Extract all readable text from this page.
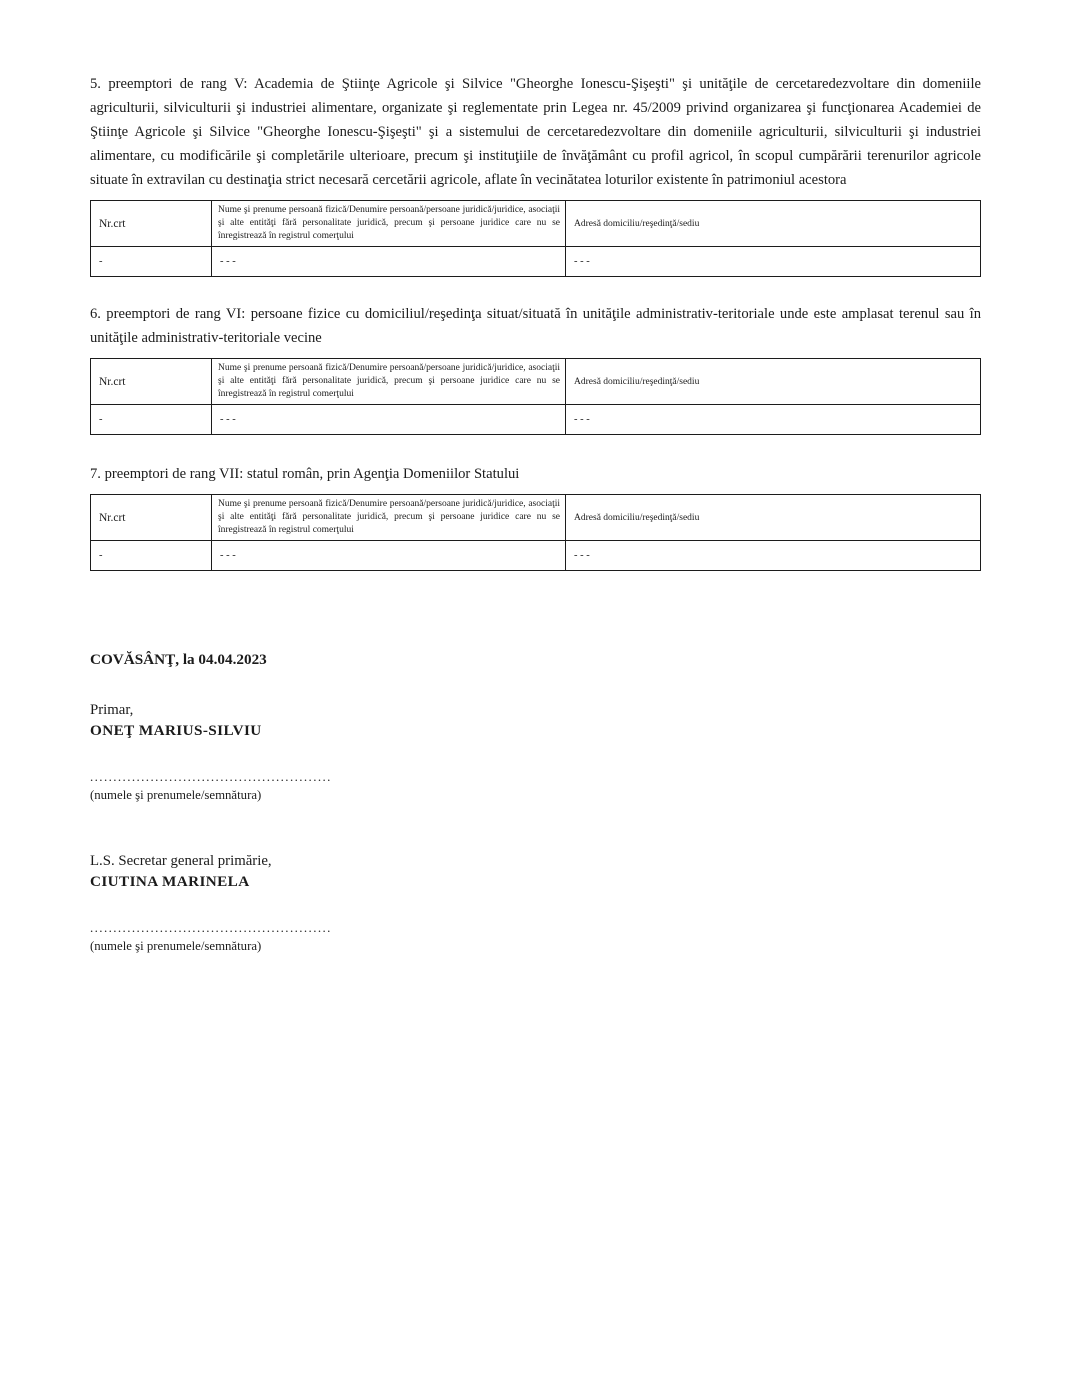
5. preemptori de rang V: Academia de Ştiinţe Agricole şi Silvice "Gheorghe Ionescu-Şişeşti" şi unităţile de cercetaredezvoltare din domeniile agriculturii, silviculturii şi industriei alimentare, organizate şi reglementate prin Legea nr. 45/2009 privind organizarea şi funcţionarea Academiei de Ştiinţe Agricole şi Silvice "Gheorghe Ionescu-Şişeşti" şi a sistemului de cercetaredezvoltare din domeniile agriculturii, silviculturii şi industriei alimentare, cu modificările şi completările ulterioare, precum şi instituţiile de învăţământ cu profil agricol, în scopul cumpărării terenurilor agricole situate în extravilan cu destinaţia strict necesară cercetării agricole, aflate în vecinătatea loturilor existente în patrimoniul acestora

Nr.crt	Nume şi prenume persoană fizică/Denumire persoană/persoane juridică/juridice, asociaţii şi alte entităţi fără personalitate juridică, precum şi persoane juridice care nu se înregistrează în registrul comerţului	Adresă domiciliu/reşedinţă/sediu
-	- - -	- - -

6. preemptori de rang VI: persoane fizice cu domiciliul/reşedinţa situat/situată în unităţile administrativ-teritoriale unde este amplasat terenul sau în unităţile administrativ-teritoriale vecine

Nr.crt	Nume şi prenume persoană fizică/Denumire persoană/persoane juridică/juridice, asociaţii şi alte entităţi fără personalitate juridică, precum şi persoane juridice care nu se înregistrează în registrul comerţului	Adresă domiciliu/reşedinţă/sediu
-	- - -	- - -

7. preemptori de rang VII: statul român, prin Agenţia Domeniilor Statului

Nr.crt	Nume şi prenume persoană fizică/Denumire persoană/persoane juridică/juridice, asociaţii şi alte entităţi fără personalitate juridică, precum şi persoane juridice care nu se înregistrează în registrul comerţului	Adresă domiciliu/reşedinţă/sediu
-	- - -	- - -

COVĂSÂNŢ, la 04.04.2023

Primar,

ONEŢ MARIUS-SILVIU

....................................................

(numele şi prenumele/semnătura)

L.S. Secretar general primărie,

CIUTINA MARINELA

....................................................

(numele şi prenumele/semnătura)
